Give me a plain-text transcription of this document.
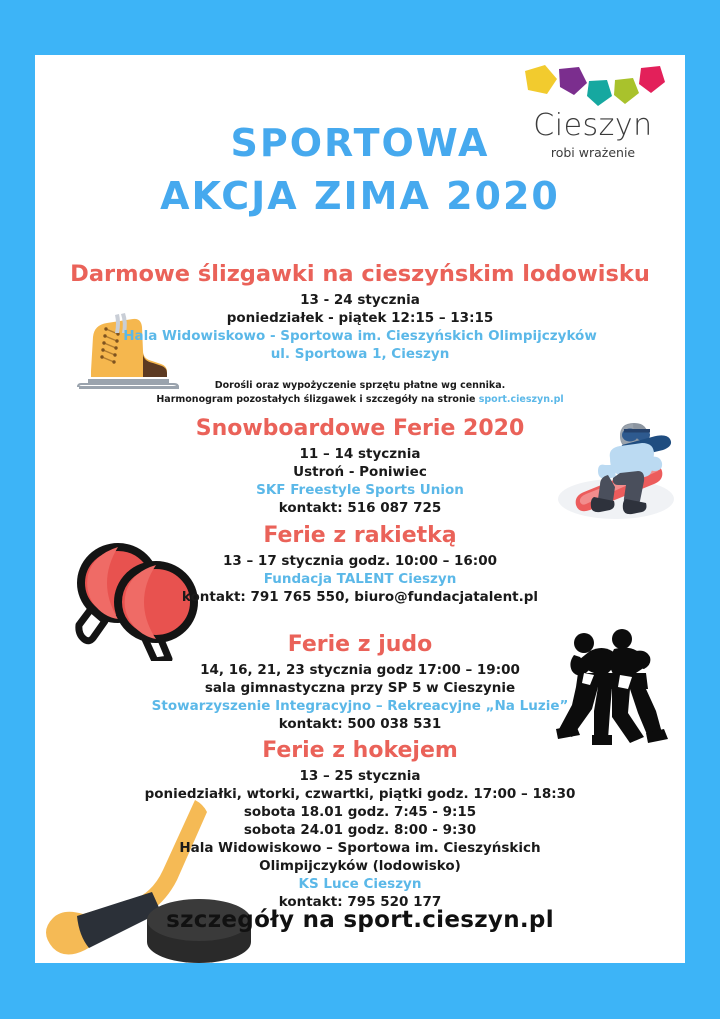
Cieszyn
robi wrażenie
SPORTOWA
AKCJA ZIMA 2020
Darmowe ślizgawki na cieszyńskim lodowisku
13 - 24 stycznia
poniedziałek - piątek 12:15 – 13:15
Hala Widowiskowo - Sportowa im. Cieszyńskich Olimpijczyków
ul. Sportowa 1, Cieszyn
Dorośli oraz wypożyczenie sprzętu płatne wg cennika.
Harmonogram pozostałych ślizgawek i szczegóły na stronie sport.cieszyn.pl
Snowboardowe Ferie 2020
11 – 14 stycznia
Ustroń - Poniwiec
SKF Freestyle Sports Union
kontakt: 516 087 725
Ferie z rakietką
13 – 17 stycznia godz. 10:00 – 16:00
Fundacja TALENT Cieszyn
kontakt: 791 765 550, biuro@fundacjatalent.pl
Ferie z judo
14, 16, 21, 23 stycznia godz 17:00 – 19:00
sala gimnastyczna przy SP 5 w Cieszynie
Stowarzyszenie Integracyjno – Rekreacyjne „Na Luzie”
kontakt: 500 038 531
Ferie z hokejem
13 – 25 stycznia
poniedziałki, wtorki, czwartki, piątki godz. 17:00 – 18:30
sobota 18.01 godz. 7:45 - 9:15
sobota 24.01 godz. 8:00 - 9:30
Hala Widowiskowo – Sportowa im. Cieszyńskich
Olimpijczyków (lodowisko)
KS Luce Cieszyn
kontakt: 795 520 177
szczegóły na sport.cieszyn.pl
